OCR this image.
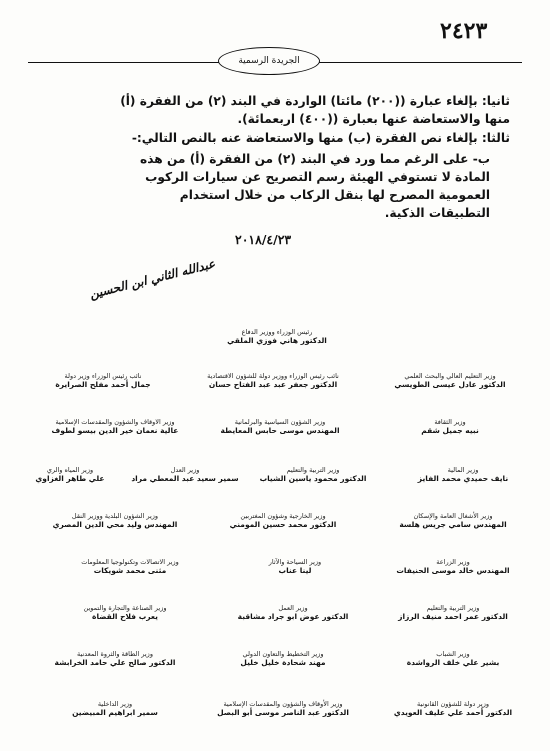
٢٤٢٣
الجريدة الرسمية
ثانيا: بإلغاء عبارة ((٢٠٠) مائتا) الواردة في البند (٢) من الفقرة (أ)
منها والاستعاضة عنها بعبارة ((٤٠٠) اربعمائة).
ثالثا: بإلغاء نص الفقرة (ب) منها والاستعاضة عنه بالنص التالي:-
ب- على الرغم مما ورد في البند (٢) من الفقرة (أ) من هذه
المادة لا تستوفي الهيئة رسم التصريح عن سيارات الركوب
العمومية المصرح لها بنقل الركاب من خلال استخدام
التطبيقات الذكية.
٢٠١٨/٤/٢٣
عبدالله الثاني ابن الحسين
رئيس الوزراء ووزير الدفاع
الدكتور هاني فوزي الملقي
وزير التعليم العالي والبحث العلمي
الدكتور عادل عيسى الطويسي
نائب رئيس الوزراء ووزير دولة للشؤون الاقتصادية
الدكتور جعفر عبد عبد الفتاح حسان
نائب رئيس الوزراء وزير دولة
جمال أحمد مفلح الصرايرة
وزير الثقافة
نبيه جميل شقم
وزير الشؤون السياسية والبرلمانية
المهندس موسى حابس المعايطة
وزير الاوقاف والشؤون والمقدسات الإسلامية
عالية نعمان خير الدين بيسو لطوف
وزير المالية
نايف حميدي محمد الفايز
وزير التربية والتعليم
الدكتور محمود ياسين الشياب
وزير العدل
سمير سعيد عبد المعطي مراد
وزير المياه والري
علي طاهر الغزاوي
وزير الأشغال العامة والإسكان
المهندس سامي جريس هلسة
وزير الخارجية وشؤون المغتربين
الدكتور محمد حسين المومني
وزير الشؤون البلدية ووزير النقل
المهندس وليد محي الدين المصري
وزير الزراعة
المهندس خالد موسى الحنيفات
وزير السياحة والآثار
لينا عناب
وزير الاتصالات وتكنولوجيا المعلومات
مثنى محمد شويكات
وزير التربية والتعليم
الدكتور عمر احمد منيف الرزاز
وزير العمل
الدكتور عوض ابو جراد مشاقبة
وزير الصناعة والتجارة والتموين
يعرب فلاح القضاة
وزير الشباب
بشير علي خلف الرواشدة
وزير التخطيط والتعاون الدولي
مهند شحادة خليل خليل
وزير الطاقة والثروة المعدنية
الدكتور صالح علي حامد الخرابشة
وزير دولة للشؤون القانونية
الدكتور أحمد علي عليف العويدي
وزير الأوقاف والشؤون والمقدسات الإسلامية
الدكتور عبد الناصر موسى أبو البصل
وزير الداخلية
سمير ابراهيم المبيضين
